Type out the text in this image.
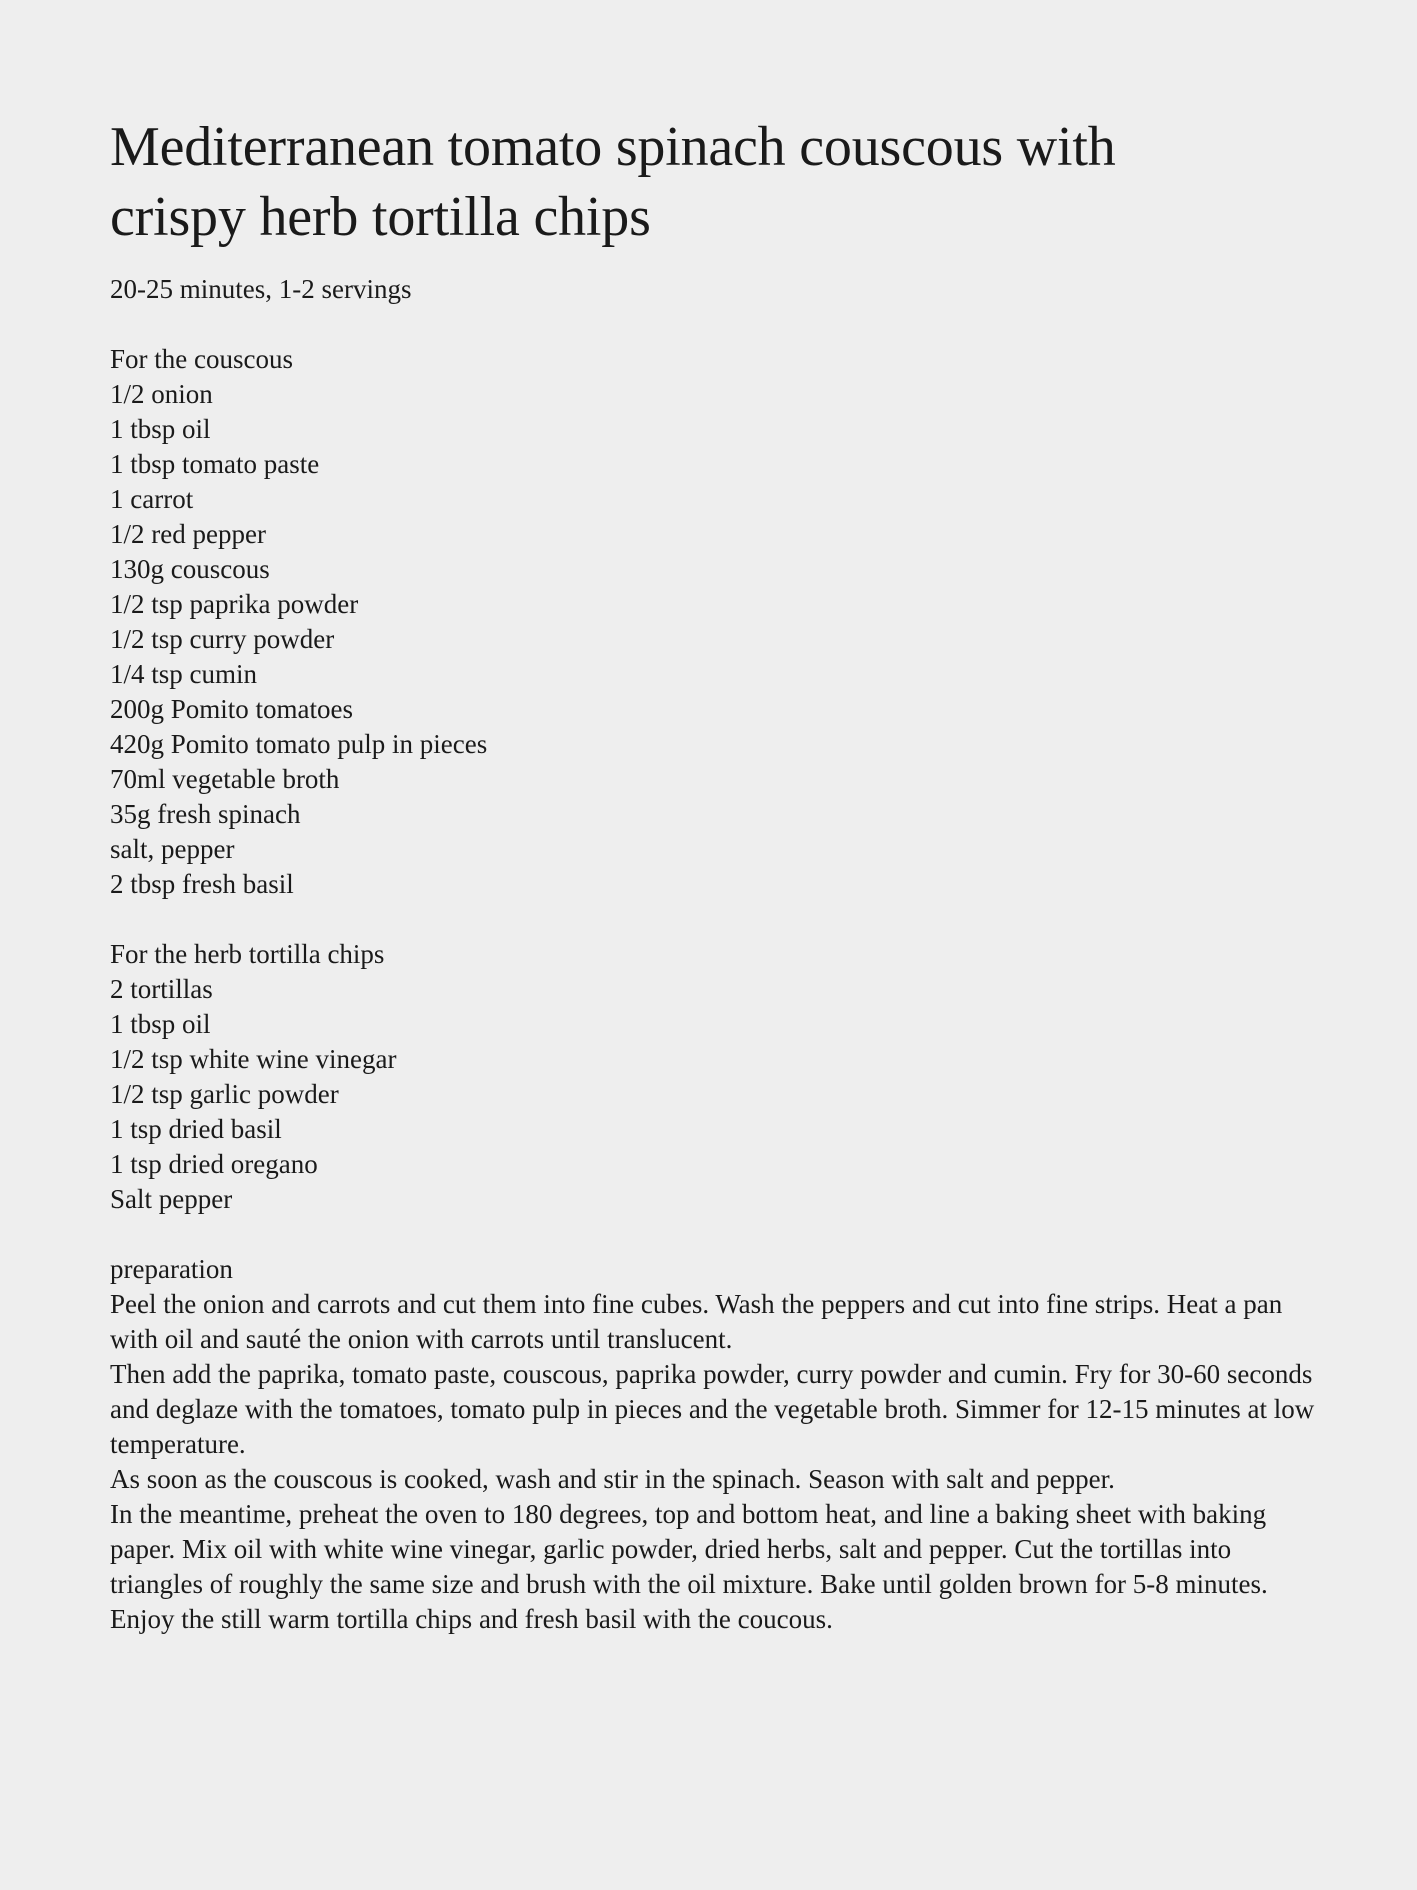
Mediterranean tomato spinach couscous with crispy herb tortilla chips
20-25 minutes, 1-2 servings
For the couscous
1/2 onion
1 tbsp oil
1 tbsp tomato paste
1 carrot
1/2 red pepper
130g couscous
1/2 tsp paprika powder
1/2 tsp curry powder
1/4 tsp cumin
200g Pomito tomatoes
420g Pomito tomato pulp in pieces
70ml vegetable broth
35g fresh spinach
salt, pepper
2 tbsp fresh basil
For the herb tortilla chips
2 tortillas
1 tbsp oil
1/2 tsp white wine vinegar
1/2 tsp garlic powder
1 tsp dried basil
1 tsp dried oregano
Salt pepper
preparation

Peel the onion and carrots and cut them into fine cubes. Wash the peppers and cut into fine strips. Heat a pan with oil and sauté the onion with carrots until translucent.

Then add the paprika, tomato paste, couscous, paprika powder, curry powder and cumin. Fry for 30-60 seconds and deglaze with the tomatoes, tomato pulp in pieces and the vegetable broth. Simmer for 12-15 minutes at low temperature.

As soon as the couscous is cooked, wash and stir in the spinach. Season with salt and pepper.

In the meantime, preheat the oven to 180 degrees, top and bottom heat, and line a baking sheet with baking paper. Mix oil with white wine vinegar, garlic powder, dried herbs, salt and pepper. Cut the tortillas into triangles of roughly the same size and brush with the oil mixture. Bake until golden brown for 5-8 minutes.

Enjoy the still warm tortilla chips and fresh basil with the coucous.
